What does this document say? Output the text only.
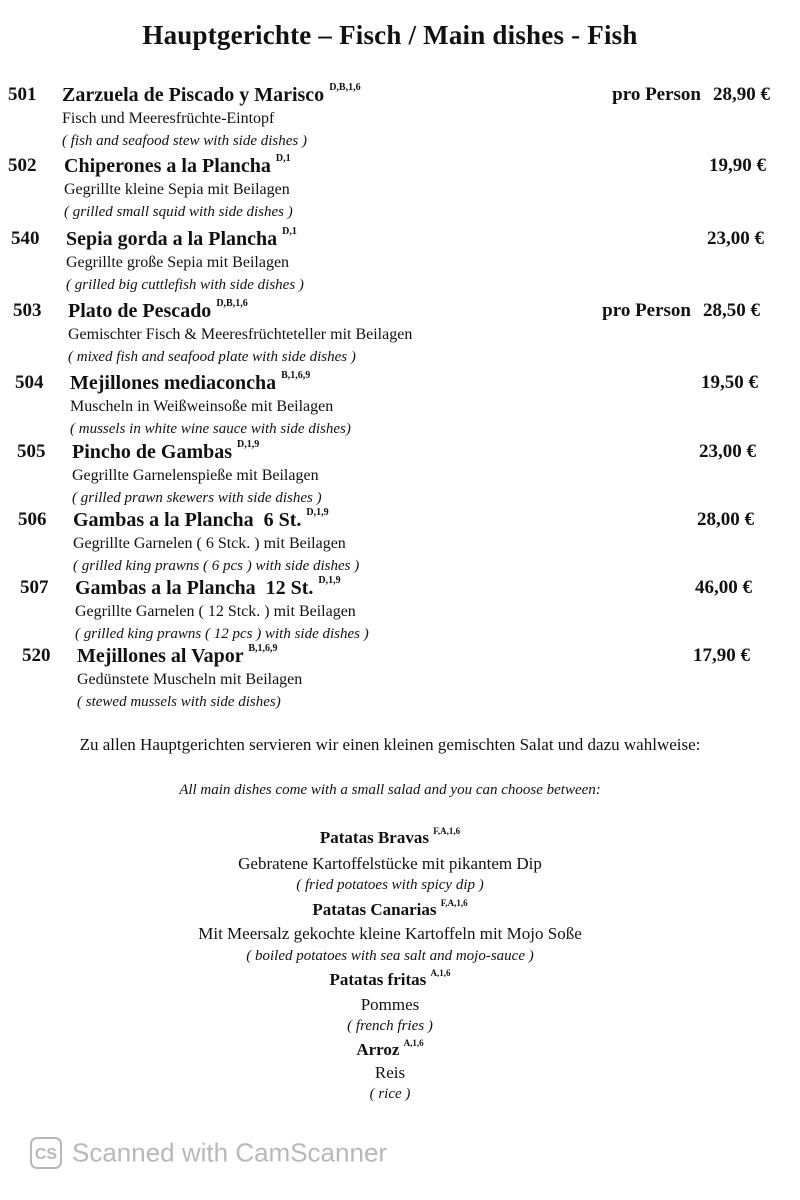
Hauptgerichte – Fisch / Main dishes - Fish
501 Zarzuela de Piscado y Marisco $^{D,B,1,6}$
Fisch und Meeresfrüchte-Eintopf
( fish and seafood stew with side dishes )
pro Person 28,90 €
502 Chiperones a la Plancha $^{D,1}$
Gegrillte kleine Sepia mit Beilagen
( grilled small squid with side dishes )
19,90 €
540 Sepia gorda a la Plancha $^{D,1}$
Gegrillte große Sepia mit Beilagen
( grilled big cuttlefish with side dishes )
23,00 €
503 Plato de Pescado $^{D,B,1,6}$
Gemischter Fisch & Meeresfrüchteteller mit Beilagen
( mixed fish and seafood plate with side dishes )
pro Person 28,50 €
504 Mejillones mediaconcha $^{B,1,6,9}$
Muscheln in Weißweinsoße mit Beilagen
( mussels in white wine sauce with side dishes)
19,50 €
505 Pincho de Gambas $^{D,1,9}$
Gegrillte Garnelenspieße mit Beilagen
( grilled prawn skewers with side dishes )
23,00 €
506 Gambas a la Plancha  6 St. $^{D,1,9}$
Gegrillte Garnelen ( 6 Stck. ) mit Beilagen
( grilled king prawns ( 6 pcs ) with side dishes )
28,00 €
507 Gambas a la Plancha  12 St. $^{D,1,9}$
Gegrillte Garnelen ( 12 Stck. ) mit Beilagen
( grilled king prawns ( 12 pcs ) with side dishes )
46,00 €
520 Mejillones al Vapor $^{B,1,6,9}$
Gedünstete Muscheln mit Beilagen
( stewed mussels with side dishes)
17,90 €
Zu allen Hauptgerichten servieren wir einen kleinen gemischten Salat und dazu wahlweise:
All main dishes come with a small salad and you can choose between:
Patatas Bravas $^{F,A,1,6}$
Gebratene Kartoffelstücke mit pikantem Dip
( fried potatoes with spicy dip )
Patatas Canarias $^{F,A,1,6}$
Mit Meersalz gekochte kleine Kartoffeln mit Mojo Soße
( boiled potatoes with sea salt and mojo-sauce )
Patatas fritas $^{A,1,6}$
Pommes
( french fries )
Arroz $^{A,1,6}$
Reis
( rice )
CS Scanned with CamScanner
